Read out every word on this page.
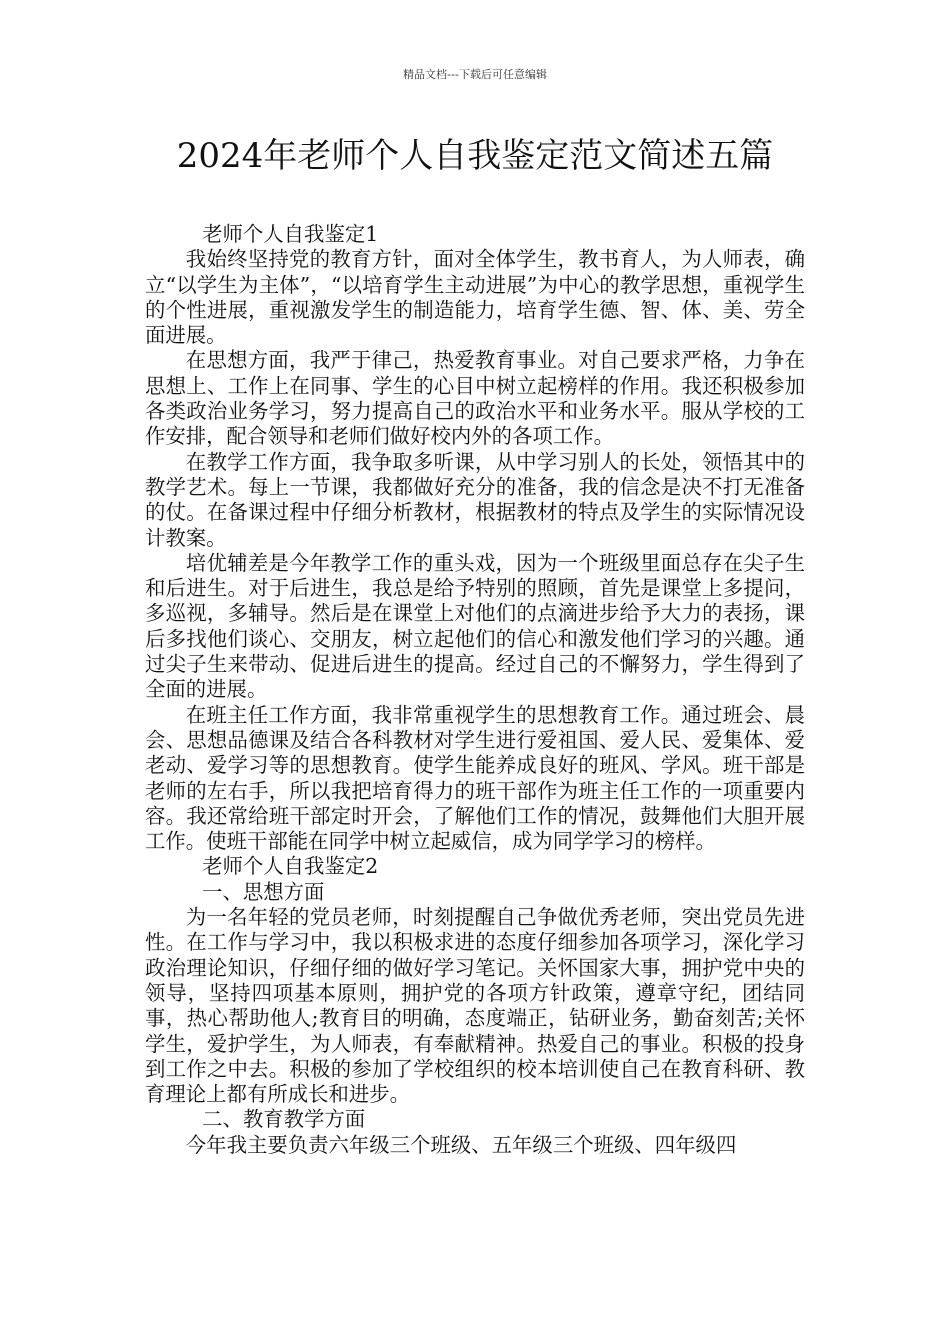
精品文档---下载后可任意编辑
2024年老师个人自我鉴定范文简述五篇

老师个人自我鉴定1

我始终坚持党的教育方针，面对全体学生，教书育人，为人师表，确立“以学生为主体”，“以培育学生主动进展”为中心的教学思想，重视学生的个性进展，重视激发学生的制造能力，培育学生德、智、体、美、劳全面进展。

在思想方面，我严于律己，热爱教育事业。对自己要求严格，力争在思想上、工作上在同事、学生的心目中树立起榜样的作用。我还积极参加各类政治业务学习，努力提高自己的政治水平和业务水平。服从学校的工作安排，配合领导和老师们做好校内外的各项工作。

在教学工作方面，我争取多听课，从中学习别人的长处，领悟其中的教学艺术。每上一节课，我都做好充分的准备，我的信念是决不打无准备的仗。在备课过程中仔细分析教材，根据教材的特点及学生的实际情况设计教案。

培优辅差是今年教学工作的重头戏，因为一个班级里面总存在尖子生和后进生。对于后进生，我总是给予特别的照顾，首先是课堂上多提问，多巡视，多辅导。然后是在课堂上对他们的点滴进步给予大力的表扬，课后多找他们谈心、交朋友，树立起他们的信心和激发他们学习的兴趣。通过尖子生来带动、促进后进生的提高。经过自己的不懈努力，学生得到了全面的进展。

在班主任工作方面，我非常重视学生的思想教育工作。通过班会、晨会、思想品德课及结合各科教材对学生进行爱祖国、爱人民、爱集体、爱老动、爱学习等的思想教育。使学生能养成良好的班风、学风。班干部是老师的左右手，所以我把培育得力的班干部作为班主任工作的一项重要内容。我还常给班干部定时开会，了解他们工作的情况，鼓舞他们大胆开展工作。使班干部能在同学中树立起威信，成为同学学习的榜样。

老师个人自我鉴定2

一、思想方面

为一名年轻的党员老师，时刻提醒自己争做优秀老师，突出党员先进性。在工作与学习中，我以积极求进的态度仔细参加各项学习，深化学习政治理论知识，仔细仔细的做好学习笔记。关怀国家大事，拥护党中央的领导，坚持四项基本原则，拥护党的各项方针政策，遵章守纪，团结同事，热心帮助他人;教育目的明确，态度端正，钻研业务，勤奋刻苦;关怀学生，爱护学生，为人师表，有奉献精神。热爱自己的事业。积极的投身到工作之中去。积极的参加了学校组织的校本培训使自己在教育科研、教育理论上都有所成长和进步。

二、教育教学方面

今年我主要负责六年级三个班级、五年级三个班级、四年级四
